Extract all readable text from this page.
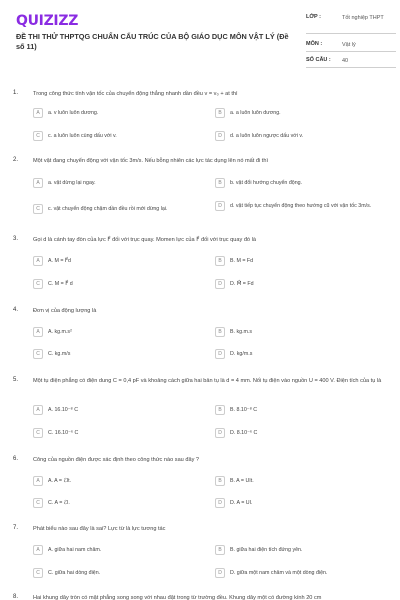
QUIZIZZ
ĐỀ THI THỬ THPTQG CHUẨN CẤU TRÚC CỦA BỘ GIÁO DỤC MÔN VẬT LÝ (Đề số 11)
LỚP :	Tốt nghiệp THPT
MÔN :	Vật lý
SỐ CÂU : 40
1.	Trong công thức tính vận tốc của chuyển động thẳng nhanh dần đều v = v₀ + at thì
A	a. v luôn luôn dương.	B	a. a luôn luôn dương.
C	c. a luôn luôn cùng dấu với v.	D	d. a luôn luôn ngược dấu với v.
2.	Một vật đang chuyển động với vận tốc 3m/s. Nếu bỗng nhiên các lực tác dụng lên nó mất đi thì
A	a. vật dừng lại ngay.	B	b. vật đổi hướng chuyển động.
C	c. vật chuyển động chậm dần đều rồi mới dừng lại.	D	d. vật tiếp tục chuyển động theo hướng cũ với vận tốc 3m/s.
3.	Gọi d là cánh tay đòn của lực F⃗ đối với trục quay. Momen lực của F⃗ đối với trục quay đó là
A	A. M = F⃗d	B	B. M = Fd
C	C. M = F⃗ d	D	D. M⃗ = Fd
4.	Đơn vị của động lượng là
A	A. kg.m.s²	B	B. kg.m.s
C	C. kg.m/s	D	D. kg/m.s
5.	Một tụ điện phẳng có điện dung C = 0,4 pF và khoảng cách giữa hai bản tụ là d = 4 mm. Nối tụ điện vào nguồn U = 400 V. Điện tích của tụ là
A	A. 16.10⁻⁸ C	B	B. 8.10⁻⁸ C
C	C. 16.10⁻⁶ C	D	D. 8.10⁻⁶ C
6.	Công của nguồn điện được xác định theo công thức nào sau đây ?
A	A. A = ℰIt.	B	B. A = UIt.
C	C. A = ℰI.	D	D. A = UI.
7.	Phát biểu nào sau đây là sai? Lực từ là lực tương tác
A	A. giữa hai nam châm.	B	B. giữa hai điện tích đứng yên.
C	C. giữa hai dòng điện.	D	D. giữa một nam châm và một dòng điện.
8.	Hai khung dây tròn có mặt phẳng song song với nhau đặt trong từ trường đều. Khung dây một có đường kính 20 cm
